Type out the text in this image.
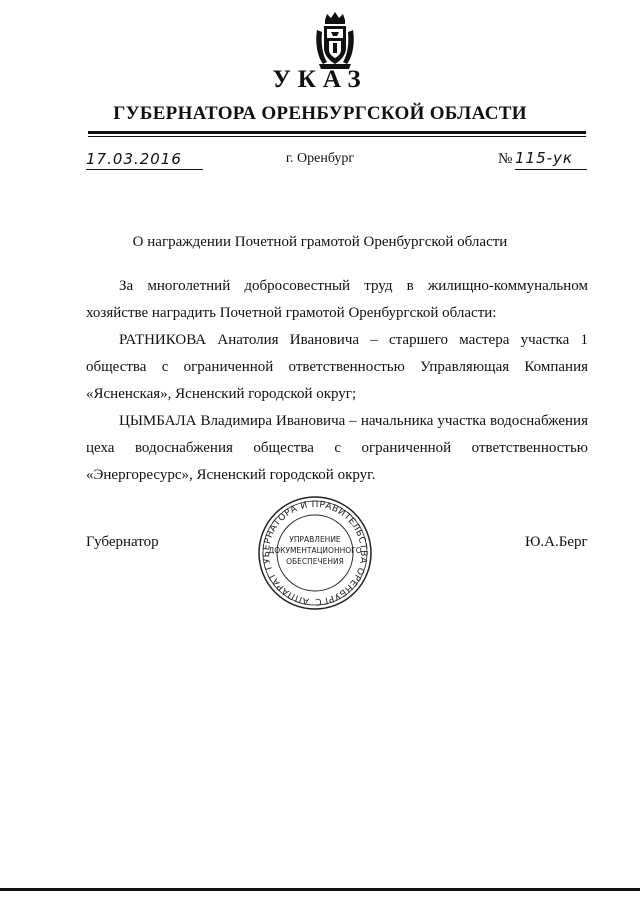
УКАЗ
ГУБЕРНАТОРА ОРЕНБУРГСКОЙ ОБЛАСТИ
17.03.2016	г. Оренбург	№ 115-ук
О награждении Почетной грамотой Оренбургской области
За многолетний добросовестный труд в жилищно-коммунальном хозяйстве наградить Почетной грамотой Оренбургской области:
РАТНИКОВА Анатолия Ивановича – старшего мастера участка 1 общества с ограниченной ответственностью Управляющая Компания «Ясненская», Ясненский городской округ;
ЦЫМБАЛА Владимира Ивановича – начальника участка водоснабжения цеха водоснабжения общества с ограниченной ответственностью «Энергоресурс», Ясненский городской округ.
Губернатор	Ю.А.Берг
АППАРАТ ГУБЕРНАТОРА И ПРАВИТЕЛЬСТВА ОРЕНБУРГС
УПРАВЛЕНИЕ
ДОКУМЕНТАЦИОННОГО
ОБЕСПЕЧЕНИЯ
